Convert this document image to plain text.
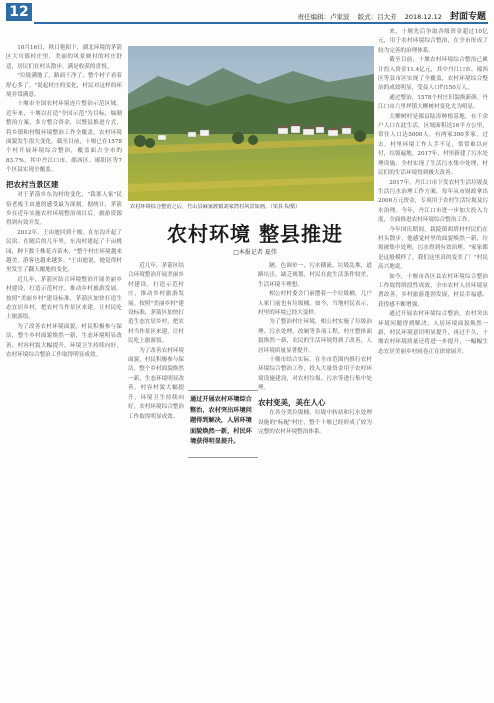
12	责任编辑：卢家波 版式：吕大芳 2018.12.12 封面专题

10月16日，秋日艳阳下，湖北环境的茅箭区大川镇村庄里，美丽的风景映衬的村庄舒适，居民们在村头散步，满是收获的喜悦。

"垃圾满地了，路面干净了，整个村子看着舒心多了。"说起村庄的变化，村民对这样的环境非常满意。

十堰市全国农村环境连片整治示范区域。近年来，十堰以打造"全国示范"为目标，编制整治方案，多方整合资金，以整县推进方式，将乡镇和村级环境整治工作全覆盖，农村环境面貌发生很大变化。截至目前，十堰已在1578个村开展环境综合整治，覆盖面占全市的83.7%，其中丹江口市、郧西区、郧阳区等7个区县实现全覆盖。

把农村当景区建

对于茅箭乡东沟村的变化，"栽那人家"民宿老板王由迪的感受最为深刻。据统计，茅箭乡在近年实施农村环境整治项目后，旅游资源得到有效开发。

2012年，王由迪回到十堰，在东沟开起了民宿。在随后的几年里，东沟村建起了千亩桃园，种下数千株花卉苗木，"整个村庄环境越来越美，游客也越来越多。"王由迪说，她觉得村里发生了翻天覆地的变化。

近几年，茅箭区结合环境整治开展美丽乡村建设，打造示范村庄，推动乡村旅游发展。按照"美丽乡村"建设标准，茅箭区加快打造生态宜居乡村，把农村当作景区来建，让村民吃上旅游饭。

为了改善农村环境面貌，村民积极参与保洁，整个乡村面貌焕然一新，生态环境明显改善，村容村貌大幅提升，环境卫生持续向好，农村环境综合整治工作取得明显成效。

农村环境综合整治之后，竹山县麻家渡镇刘家湾村风景如画。（邹县书/摄）
农村环境 整县推进
□本报记者 夏伟

近几年，茅箭区结合环境整治开展美丽乡村建设，打造示范村庄，推动乡村旅游发展。按照"美丽乡村"建设标准，茅箭区加快打造生态宜居乡村，把农村当作景区来建，让村民吃上旅游饭。

为了改善农村环境面貌，村民积极参与保洁，整个乡村面貌焕然一新，生态环境明显改善，村容村貌大幅提升，环境卫生持续向好，农村环境综合整治工作取得明显成效。

通过开展农村环境综合整治，农村突出环境问题得到解决，人居环境面貌焕然一新，村民环境获得明显提升。

陋，色调单一，污水横流，垃圾乱堆，道路坑洼，缺乏规划，村民在此生活条件较差，生活环境不理想。

相公村村委会门前摆着一个垃圾桶，几户人家门前也有垃圾桶。如今，当地村民表示，村里的环境已经大变样。

为了整治村庄环境，相公村实施了垃圾治理、污水处理、改厕等多项工程，村庄整体面貌焕然一新，农民的生活环境得到了改善，人居环境质量显著提升。

十堰市结合实际，在全市范围内推行农村环境综合整治工作，投入大量资金用于农村环境设施建设，对农村垃圾、污水等进行集中处理。

农村变美，美在人心

在各分类垃圾桶、垃圾中转站和污水处理设施的"标配"村庄，整个十堰已经形成了较为完整的农村环境整治体系。

来，十堰先后争取各级资金超过10亿元，用于农村环境综合整治，在全市形成了较为完善的治理体系。

截至目前，十堰农村环境综合整治已累计投入资金11.4亿元，其中丹江口市、郧西区等县市区实现了全覆盖，农村环境综合整治的成效明显，受益人口约150万人。

通过整治，1578个村庄旧貌换新颜。丹江口市六里坪镇大柳树村变化尤为明显。

大柳树村是郧县陆涛种植基地，有千余户人口在此生活，区域面积达16平方公里，常住人口达5000人，有两家300多家，过去，村里环境工作人手不足，常常难以应付，垃圾遍地。2017年，村里新建了污水处理设施，全村实现了生活污水集中处理，村民们的生活环境得到极大改善。

2017年，丹江口市下发农村生活垃圾及生活污水治理工作方案，每年从市财政拿出2000万元资金，专项用于农村生活垃圾及污水治理。今年，丹江口市进一步加大投入力度，全面推进农村环境综合整治工作。

今年国庆期间，栽陵镇胡塔村村民们在村头散步，他感觉村里的面貌焕然一新，垃圾被集中处理，污水得到有效治理。"家家都是这般模样了，我们这里真的变美了！"村民高兴地说。

如今，十堰市各区县农村环境综合整治工作取得阶段性成效，全市农村人居环境显著改善，乡村旅游蓬勃发展，村民幸福感、获得感不断增强。

通过开展农村环境综合整治，农村突出环境问题得到解决，人居环境面貌焕然一新，村民环境意识明显提升，再过不久，十堰农村环境质量还将进一步提升，一幅幅生态宜居美丽乡村画卷正在徐徐展开。
